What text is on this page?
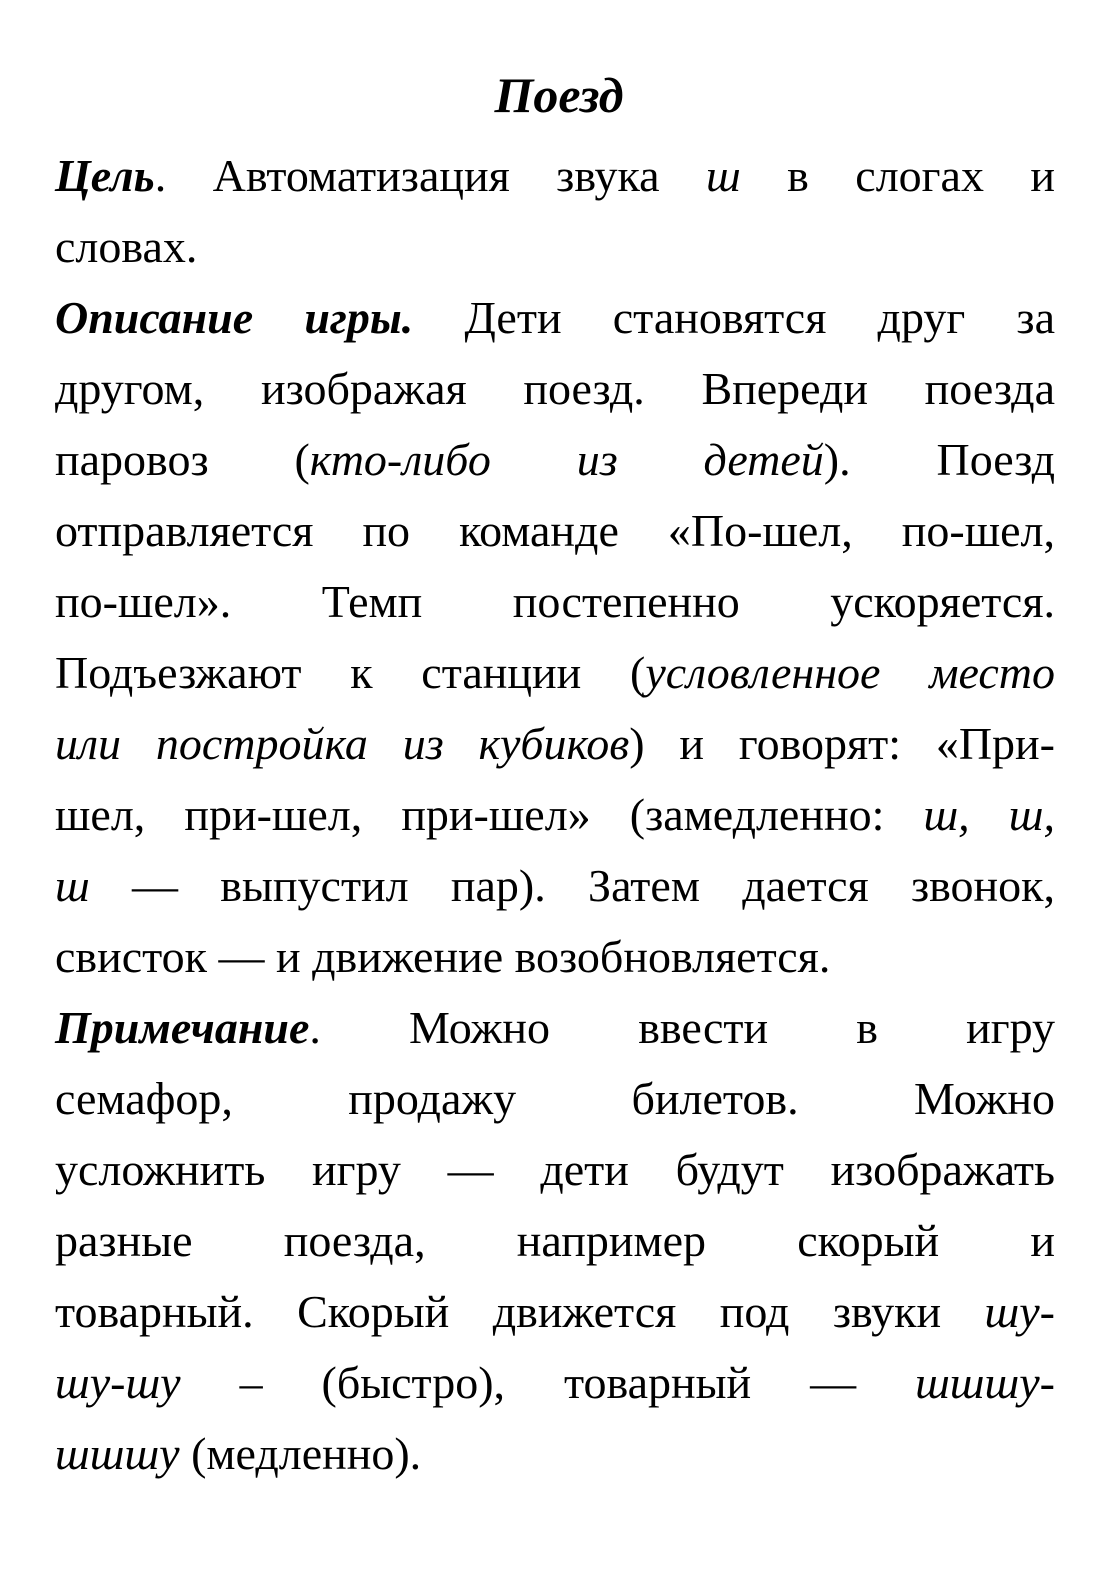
Поезд
Цель. Автоматизация звука ш в слогах и
словах.
Описание игры. Дети становятся друг за
другом, изображая поезд. Впереди поезда
паровоз (кто-либо из детей). Поезд
отправляется по команде «По-шел, по-шел,
по-шел». Темп постепенно ускоряется.
Подъезжают к станции (условленное место
или постройка из кубиков) и говорят: «При-
шел, при-шел, при-шел» (замедленно: ш, ш,
ш — выпустил пар). Затем дается звонок,
свисток — и движение возобновляется.
Примечание. Можно ввести в игру
семафор, продажу билетов. Можно
усложнить игру — дети будут изображать
разные поезда, например скорый и
товарный. Скорый движется под звуки шу-
шу-шу – (быстро), товарный — шшшу-
шшшу (медленно).
